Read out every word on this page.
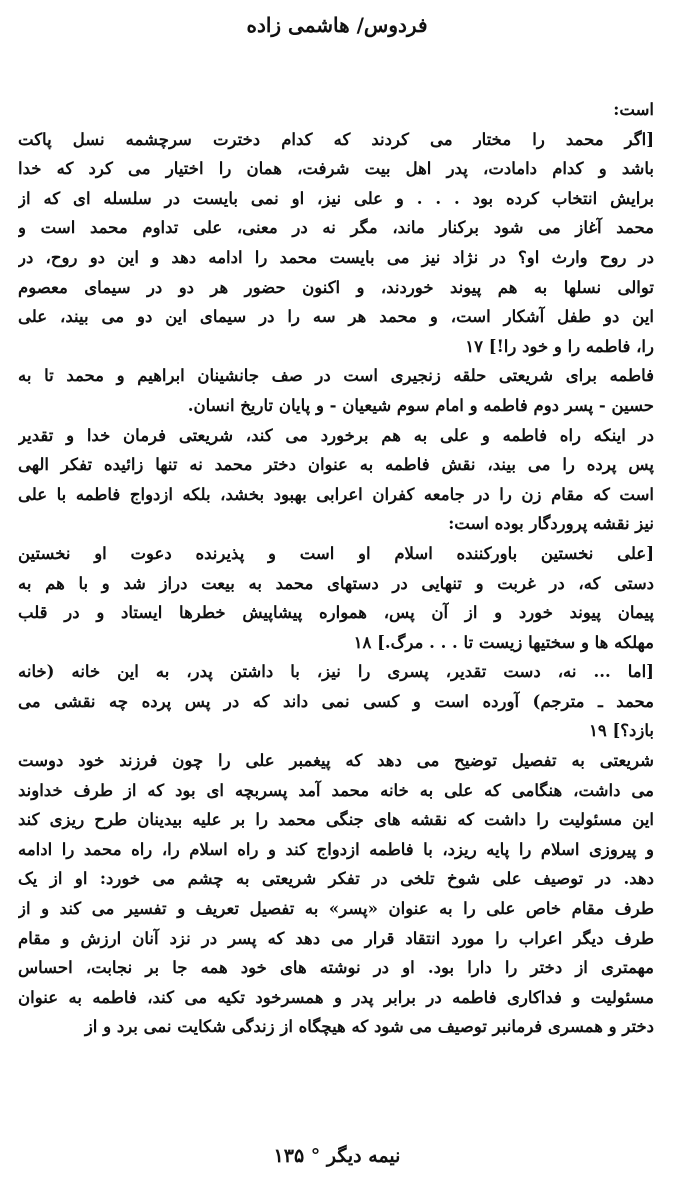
فردوس/ هاشمی زاده
است:
[اگر محمد را مختار می کردند که کدام دخترت سرچشمه نسل پاکت
باشد و کدام دامادت، پدر اهل بیت شرفت، همان را اختیار می کرد که خدا
برایش انتخاب کرده بود . . . و علی نیز، او نمی بایست در سلسله ای که از
محمد آغاز می شود برکنار ماند، مگر نه در معنی، علی تداوم محمد است و
در روح وارث او؟ در نژاد نیز می بایست محمد را ادامه دهد و این دو روح، در
توالی نسلها به هم پیوند خوردند، و اکنون حضور هر دو در سیمای معصوم
این دو طفل آشکار است، و محمد هر سه را در سیمای این دو می بیند، علی
را، فاطمه را و خود را!] ۱۷
فاطمه برای شریعتی حلقه زنجیری است در صف جانشینان ابراهیم و محمد تا به
حسین - پسر دوم فاطمه و امام سوم شیعیان - و پایان تاریخ انسان.
در اینکه راه فاطمه و علی به هم برخورد می کند، شریعتی فرمان خدا و تقدیر
پس پرده را می بیند، نقش فاطمه به عنوان دختر محمد نه تنها زائیده تفکر الهی
است که مقام زن را در جامعه کفران اعرابی بهبود بخشد، بلکه ازدواج فاطمه با علی
نیز نقشه پروردگار بوده است:
[علی نخستین باورکننده اسلام او است و پذیرنده دعوت او نخستین
دستی که، در غربت و تنهایی در دستهای محمد به بیعت دراز شد و با هم به
پیمان پیوند خورد و از آن پس، همواره پیشاپیش خطرها ایستاد و در قلب
مهلکه ها و سختیها زیست تا . . . مرگ.] ۱۸
[اما ... نه، دست تقدیر، پسری را نیز، با داشتن پدر، به این خانه (خانه
محمد ـ مترجم) آورده است و کسی نمی داند که در پس پرده چه نقشی می
بازد؟] ۱۹
شریعتی به تفصیل توضیح می دهد که پیغمبر علی را چون فرزند خود دوست
می داشت، هنگامی که علی به خانه محمد آمد پسربچه ای بود که از طرف خداوند
این مسئولیت را داشت که نقشه های جنگی محمد را بر علیه بیدینان طرح ریزی کند
و پیروزی اسلام را پایه ریزد، با فاطمه ازدواج کند و راه اسلام را، راه محمد را ادامه
دهد. در توصیف علی شوخ تلخی در تفکر شریعتی به چشم می خورد: او از یک
طرف مقام خاص علی را به عنوان «پسر» به تفصیل تعریف و تفسیر می کند و از
طرف دیگر اعراب را مورد انتقاد قرار می دهد که پسر در نزد آنان ارزش و مقام
مهمتری از دختر را دارا بود. او در نوشته های خود همه جا بر نجابت، احساس
مسئولیت و فداکاری فاطمه در برابر پدر و همسرخود تکیه می کند، فاطمه به عنوان
دختر و همسری فرمانبر توصیف می شود که هیچگاه از زندگی شکایت نمی برد و از
نیمه دیگر ° ۱۳۵
